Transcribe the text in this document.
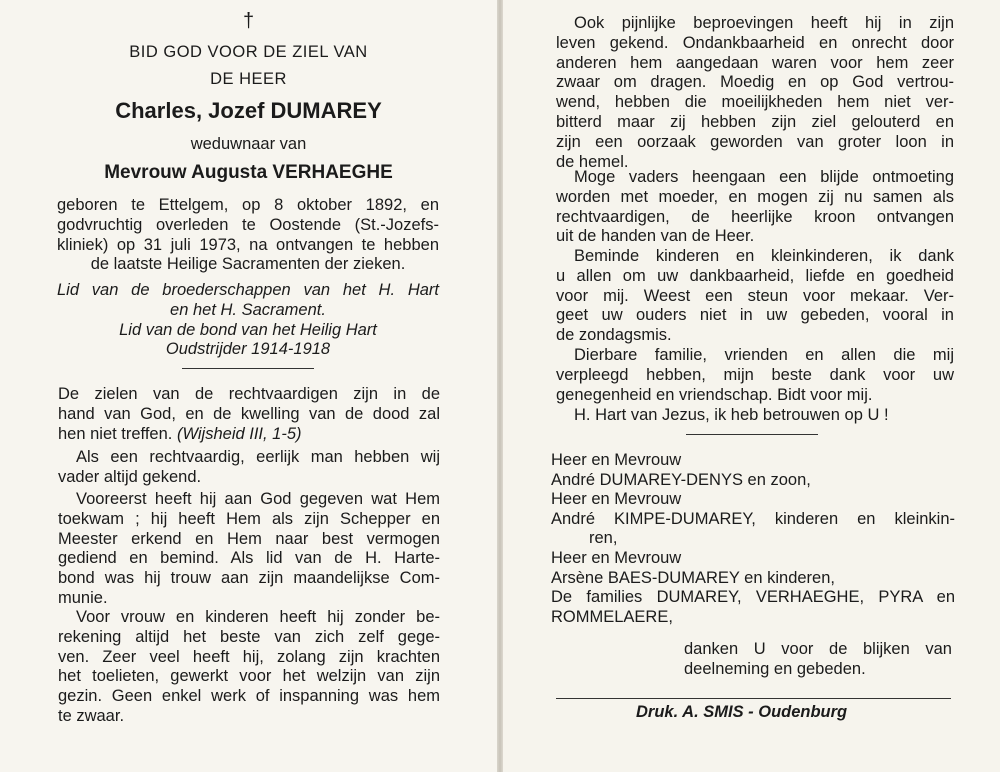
†
BID GOD VOOR DE ZIEL VAN
DE HEER
Charles, Jozef DUMAREY
weduwnaar van
Mevrouw Augusta VERHAEGHE
geboren te Ettelgem, op 8 oktober 1892, en
godvruchtig overleden te Oostende (St.-Jozefs-
kliniek) op 31 juli 1973, na ontvangen te hebben
de laatste Heilige Sacramenten der zieken.
Lid van de broederschappen van het H. Hart
en het H. Sacrament.
Lid van de bond van het Heilig Hart
Oudstrijder 1914-1918
De zielen van de rechtvaardigen zijn in de
hand van God, en de kwelling van de dood zal
hen niet treffen. (Wijsheid III, 1-5)
Als een rechtvaardig, eerlijk man hebben wij
vader altijd gekend.
Vooreerst heeft hij aan God gegeven wat Hem
toekwam ; hij heeft Hem als zijn Schepper en
Meester erkend en Hem naar best vermogen
gediend en bemind. Als lid van de H. Harte-
bond was hij trouw aan zijn maandelijkse Com-
munie.
Voor vrouw en kinderen heeft hij zonder be-
rekening altijd het beste van zich zelf gege-
ven. Zeer veel heeft hij, zolang zijn krachten
het toelieten, gewerkt voor het welzijn van zijn
gezin. Geen enkel werk of inspanning was hem
te zwaar.
Ook pijnlijke beproevingen heeft hij in zijn
leven gekend. Ondankbaarheid en onrecht door
anderen hem aangedaan waren voor hem zeer
zwaar om dragen. Moedig en op God vertrou-
wend, hebben die moeilijkheden hem niet ver-
bitterd maar zij hebben zijn ziel gelouterd en
zijn een oorzaak geworden van groter loon in
de hemel.
Moge vaders heengaan een blijde ontmoeting
worden met moeder, en mogen zij nu samen als
rechtvaardigen, de heerlijke kroon ontvangen
uit de handen van de Heer.
Beminde kinderen en kleinkinderen, ik dank
u allen om uw dankbaarheid, liefde en goedheid
voor mij. Weest een steun voor mekaar. Ver-
geet uw ouders niet in uw gebeden, vooral in
de zondagsmis.
Dierbare familie, vrienden en allen die mij
verpleegd hebben, mijn beste dank voor uw
genegenheid en vriendschap. Bidt voor mij.
H. Hart van Jezus, ik heb betrouwen op U !
Heer en Mevrouw
André DUMAREY-DENYS en zoon,
Heer en Mevrouw
André KIMPE-DUMAREY, kinderen en kleinkin-
ren,
Heer en Mevrouw
Arsène BAES-DUMAREY en kinderen,
De families DUMAREY, VERHAEGHE, PYRA en
ROMMELAERE,
danken U voor de blijken van
deelneming en gebeden.
Druk. A. SMIS - Oudenburg
